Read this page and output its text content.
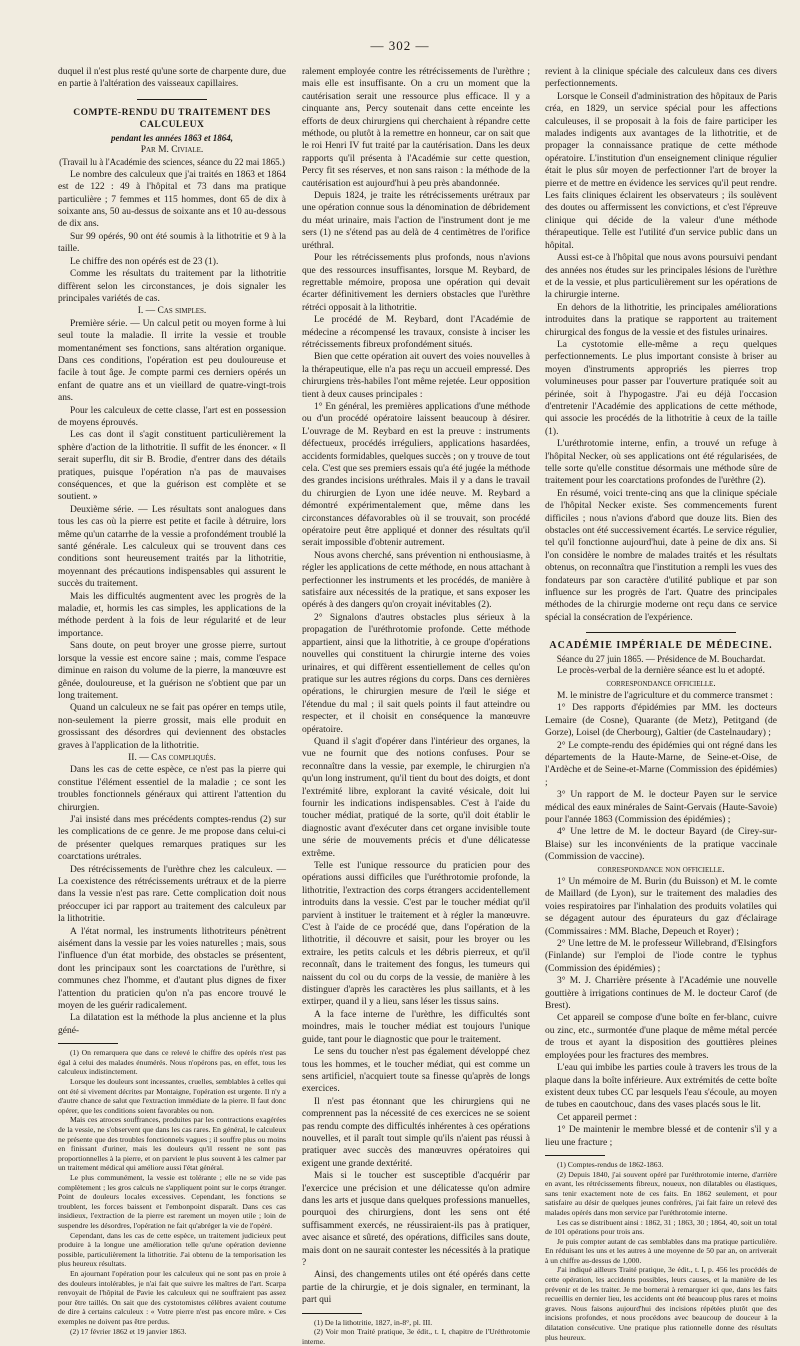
— 302 —

duquel il n'est plus resté qu'une sorte de charpente dure, due en partie à l'altération des vaisseaux capillaires.

COMPTE-RENDU DU TRAITEMENT DES CALCULEUX

pendant les années 1863 et 1864,

Par M. Civiale.

(Travail lu à l'Académie des sciences, séance du 22 mai 1865.)

Le nombre des calculeux que j'ai traités en 1863 et 1864 est de 122 : 49 à l'hôpital et 73 dans ma pratique particulière ; 7 femmes et 115 hommes, dont 65 de dix à soixante ans, 50 au-dessus de soixante ans et 10 au-dessous de dix ans.

Sur 99 opérés, 90 ont été soumis à la lithotritie et 9 à la taille.

Le chiffre des non opérés est de 23 (1).

Comme les résultats du traitement par la lithotritie diffèrent selon les circonstances, je dois signaler les principales variétés de cas.

I. — Cas simples.

Première série. — Un calcul petit ou moyen forme à lui seul toute la maladie. Il irrite la vessie et trouble momentanément ses fonctions, sans altération organique. Dans ces conditions, l'opération est peu douloureuse et facile à tout âge. Je compte parmi ces derniers opérés un enfant de quatre ans et un vieillard de quatre-vingt-trois ans.

Pour les calculeux de cette classe, l'art est en possession de moyens éprouvés.

Les cas dont il s'agit constituent particulièrement la sphère d'action de la lithotritie. Il suffit de les énoncer. « Il serait superflu, dit sir B. Brodie, d'entrer dans des détails pratiques, puisque l'opération n'a pas de mauvaises conséquences, et que la guérison est complète et se soutient. »

Deuxième série. — Les résultats sont analogues dans tous les cas où la pierre est petite et facile à détruire, lors même qu'un catarrhe de la vessie a profondément troublé la santé générale. Les calculeux qui se trouvent dans ces conditions sont heureusement traités par la lithotritie, moyennant des précautions indispensables qui assurent le succès du traitement.

Mais les difficultés augmentent avec les progrès de la maladie, et, hormis les cas simples, les applications de la méthode perdent à la fois de leur régularité et de leur importance.

Sans doute, on peut broyer une grosse pierre, surtout lorsque la vessie est encore saine ; mais, comme l'espace diminue en raison du volume de la pierre, la manœuvre est gênée, douloureuse, et la guérison ne s'obtient que par un long traitement.

Quand un calculeux ne se fait pas opérer en temps utile, non-seulement la pierre grossit, mais elle produit en grossissant des désordres qui deviennent des obstacles graves à l'application de la lithotritie.

II. — Cas compliqués.

Dans les cas de cette espèce, ce n'est pas la pierre qui constitue l'élément essentiel de la maladie ; ce sont les troubles fonctionnels généraux qui attirent l'attention du chirurgien.

J'ai insisté dans mes précédents comptes-rendus (2) sur les complications de ce genre. Je me propose dans celui-ci de présenter quelques remarques pratiques sur les coarctations urétrales.

Des rétrécissements de l'urèthre chez les calculeux. — La coexistence des rétrécissements urétraux et de la pierre dans la vessie n'est pas rare. Cette complication doit nous préoccuper ici par rapport au traitement des calculeux par la lithotritie.

A l'état normal, les instruments lithotriteurs pénètrent aisément dans la vessie par les voies naturelles ; mais, sous l'influence d'un état morbide, des obstacles se présentent, dont les principaux sont les coarctations de l'urèthre, si communes chez l'homme, et d'autant plus dignes de fixer l'attention du praticien qu'on n'a pas encore trouvé le moyen de les guérir radicalement.

La dilatation est la méthode la plus ancienne et la plus géné-

(1) On remarquera que dans ce relevé le chiffre des opérés n'est pas égal à celui des malades énumérés. Nous n'opérons pas, en effet, tous les calculeux indistinctement.

Lorsque les douleurs sont incessantes, cruelles, semblables à celles qui ont été si vivement décrites par Montaigne, l'opération est urgente. Il n'y a d'autre chance de salut que l'extraction immédiate de la pierre. Il faut donc opérer, que les conditions soient favorables ou non.

Mais ces atroces souffrances, produites par les contractions exagérées de la vessie, ne s'observent que dans les cas rares. En général, le calculeux ne présente que des troubles fonctionnels vagues ; il souffre plus ou moins en finissant d'uriner, mais les douleurs qu'il ressent ne sont pas proportionnelles à la pierre, et on parvient le plus souvent à les calmer par un traitement médical qui améliore aussi l'état général.

Le plus communément, la vessie est tolérante ; elle ne se vide pas complètement ; les gros calculs ne s'appliquent point sur le corps étranger. Point de douleurs locales excessives. Cependant, les fonctions se troublent, les forces baissent et l'embonpoint disparaît. Dans ces cas insidieux, l'extraction de la pierre est rarement un moyen utile ; loin de suspendre les désordres, l'opération ne fait qu'abréger la vie de l'opéré.

Cependant, dans les cas de cette espèce, un traitement judicieux peut produire à la longue une amélioration telle qu'une opération devienne possible, particulièrement la lithotritie. J'ai obtenu de la temporisation les plus heureux résultats.

En ajournant l'opération pour les calculeux qui ne sont pas en proie à des douleurs intolérables, je n'ai fait que suivre les maîtres de l'art. Scarpa renvoyait de l'hôpital de Pavie les calculeux qui ne souffraient pas assez pour être taillés. On sait que des cystotomistes célèbres avaient coutume de dire à certains calculeux : « Votre pierre n'est pas encore mûre. » Ces exemples ne doivent pas être perdus.

(2) 17 février 1862 et 19 janvier 1863.

ralement employée contre les rétrécissements de l'urèthre ; mais elle est insuffisante. On a cru un moment que la cautérisation serait une ressource plus efficace. Il y a cinquante ans, Percy soutenait dans cette enceinte les efforts de deux chirurgiens qui cherchaient à répandre cette méthode, ou plutôt à la remettre en honneur, car on sait que le roi Henri IV fut traité par la cautérisation. Dans les deux rapports qu'il présenta à l'Académie sur cette question, Percy fit ses réserves, et non sans raison : la méthode de la cautérisation est aujourd'hui à peu près abandonnée.

Depuis 1824, je traite les rétrécissements urétraux par une opération connue sous la dénomination de débridement du méat urinaire, mais l'action de l'instrument dont je me sers (1) ne s'étend pas au delà de 4 centimètres de l'orifice uréthral.

Pour les rétrécissements plus profonds, nous n'avions que des ressources insuffisantes, lorsque M. Reybard, de regrettable mémoire, proposa une opération qui devait écarter définitivement les derniers obstacles que l'urèthre rétréci opposait à la lithotritie.

Le procédé de M. Reybard, dont l'Académie de médecine a récompensé les travaux, consiste à inciser les rétrécissements fibreux profondément situés.

Bien que cette opération ait ouvert des voies nouvelles à la thérapeutique, elle n'a pas reçu un accueil empressé. Des chirurgiens très-habiles l'ont même rejetée. Leur opposition tient à deux causes principales :

1° En général, les premières applications d'une méthode ou d'un procédé opératoire laissent beaucoup à désirer. L'ouvrage de M. Reybard en est la preuve : instruments défectueux, procédés irréguliers, applications hasardées, accidents formidables, quelques succès ; on y trouve de tout cela. C'est que ses premiers essais qu'a été jugée la méthode des grandes incisions uréthrales. Mais il y a dans le travail du chirurgien de Lyon une idée neuve. M. Reybard a démontré expérimentalement que, même dans les circonstances défavorables où il se trouvait, son procédé opératoire peut être appliqué et donner des résultats qu'il serait impossible d'obtenir autrement.

Nous avons cherché, sans prévention ni enthousiasme, à régler les applications de cette méthode, en nous attachant à perfectionner les instruments et les procédés, de manière à satisfaire aux nécessités de la pratique, et sans exposer les opérés à des dangers qu'on croyait inévitables (2).

2° Signalons d'autres obstacles plus sérieux à la propagation de l'uréthrotomie profonde. Cette méthode appartient, ainsi que la lithotritie, à ce groupe d'opérations nouvelles qui constituent la chirurgie interne des voies urinaires, et qui diffèrent essentiellement de celles qu'on pratique sur les autres régions du corps. Dans ces dernières opérations, le chirurgien mesure de l'œil le siége et l'étendue du mal ; il sait quels points il faut atteindre ou respecter, et il choisit en conséquence la manœuvre opératoire.

Quand il s'agit d'opérer dans l'intérieur des organes, la vue ne fournit que des notions confuses. Pour se reconnaître dans la vessie, par exemple, le chirurgien n'a qu'un long instrument, qu'il tient du bout des doigts, et dont l'extrémité libre, explorant la cavité vésicale, doit lui fournir les indications indispensables. C'est à l'aide du toucher médiat, pratiqué de la sorte, qu'il doit établir le diagnostic avant d'exécuter dans cet organe invisible toute une série de mouvements précis et d'une délicatesse extrême.

Telle est l'unique ressource du praticien pour des opérations aussi difficiles que l'uréthrotomie profonde, la lithotritie, l'extraction des corps étrangers accidentellement introduits dans la vessie. C'est par le toucher médiat qu'il parvient à instituer le traitement et à régler la manœuvre. C'est à l'aide de ce procédé que, dans l'opération de la lithotritie, il découvre et saisit, pour les broyer ou les extraire, les petits calculs et les débris pierreux, et qu'il reconnaît, dans le traitement des fongus, les tumeurs qui naissent du col ou du corps de la vessie, de manière à les distinguer d'après les caractères les plus saillants, et à les extirper, quand il y a lieu, sans léser les tissus sains.

A la face interne de l'urèthre, les difficultés sont moindres, mais le toucher médiat est toujours l'unique guide, tant pour le diagnostic que pour le traitement.

Le sens du toucher n'est pas également développé chez tous les hommes, et le toucher médiat, qui est comme un sens artificiel, n'acquiert toute sa finesse qu'après de longs exercices.

Il n'est pas étonnant que les chirurgiens qui ne comprennent pas la nécessité de ces exercices ne se soient pas rendu compte des difficultés inhérentes à ces opérations nouvelles, et il paraît tout simple qu'ils n'aient pas réussi à pratiquer avec succès des manœuvres opératoires qui exigent une grande dextérité.

Mais si le toucher est susceptible d'acquérir par l'exercice une précision et une délicatesse qu'on admire dans les arts et jusque dans quelques professions manuelles, pourquoi des chirurgiens, dont les sens ont été suffisamment exercés, ne réussiraient-ils pas à pratiquer, avec aisance et sûreté, des opérations, difficiles sans doute, mais dont on ne saurait contester les nécessités à la pratique ?

Ainsi, des changements utiles ont été opérés dans cette partie de la chirurgie, et je dois signaler, en terminant, la part qui

(1) De la lithotritie, 1827, in-8°, pl. III.

(2) Voir mon Traité pratique, 3e édit., t. I, chapitre de l'Uréthrotomie interne.

revient à la clinique spéciale des calculeux dans ces divers perfectionnements.

Lorsque le Conseil d'administration des hôpitaux de Paris créa, en 1829, un service spécial pour les affections calculeuses, il se proposait à la fois de faire participer les malades indigents aux avantages de la lithotritie, et de propager la connaissance pratique de cette méthode opératoire. L'institution d'un enseignement clinique régulier était le plus sûr moyen de perfectionner l'art de broyer la pierre et de mettre en évidence les services qu'il peut rendre. Les faits cliniques éclairent les observateurs ; ils soulèvent des doutes ou affermissent les convictions, et c'est l'épreuve clinique qui décide de la valeur d'une méthode thérapeutique. Telle est l'utilité d'un service public dans un hôpital.

Aussi est-ce à l'hôpital que nous avons poursuivi pendant des années nos études sur les principales lésions de l'urèthre et de la vessie, et plus particulièrement sur les opérations de la chirurgie interne.

En dehors de la lithotritie, les principales améliorations introduites dans la pratique se rapportent au traitement chirurgical des fongus de la vessie et des fistules urinaires.

La cystotomie elle-même a reçu quelques perfectionnements. Le plus important consiste à briser au moyen d'instruments appropriés les pierres trop volumineuses pour passer par l'ouverture pratiquée soit au périnée, soit à l'hypogastre. J'ai eu déjà l'occasion d'entretenir l'Académie des applications de cette méthode, qui associe les procédés de la lithotritie à ceux de la taille (1).

L'uréthrotomie interne, enfin, a trouvé un refuge à l'hôpital Necker, où ses applications ont été régularisées, de telle sorte qu'elle constitue désormais une méthode sûre de traitement pour les coarctations profondes de l'urèthre (2).

En résumé, voici trente-cinq ans que la clinique spéciale de l'hôpital Necker existe. Ses commencements furent difficiles ; nous n'avions d'abord que douze lits. Bien des obstacles ont été successivement écartés. Le service régulier, tel qu'il fonctionne aujourd'hui, date à peine de dix ans. Si l'on considère le nombre de malades traités et les résultats obtenus, on reconnaîtra que l'institution a rempli les vues des fondateurs par son caractère d'utilité publique et par son influence sur les progrès de l'art. Quatre des principales méthodes de la chirurgie moderne ont reçu dans ce service spécial la consécration de l'expérience.

ACADÉMIE IMPÉRIALE DE MÉDECINE.

Séance du 27 juin 1865. — Présidence de M. Bouchardat.

Le procès-verbal de la dernière séance est lu et adopté.

correspondance officielle.

M. le ministre de l'agriculture et du commerce transmet :

1° Des rapports d'épidémies par MM. les docteurs Lemaire (de Cosne), Quarante (de Metz), Petitgand (de Gorze), Loisel (de Cherbourg), Galtier (de Castelnaudary) ;

2° Le compte-rendu des épidémies qui ont régné dans les départements de la Haute-Marne, de Seine-et-Oise, de l'Ardèche et de Seine-et-Marne (Commission des épidémies) ;

3° Un rapport de M. le docteur Payen sur le service médical des eaux minérales de Saint-Gervais (Haute-Savoie) pour l'année 1863 (Commission des épidémies) ;

4° Une lettre de M. le docteur Bayard (de Cirey-sur-Blaise) sur les inconvénients de la pratique vaccinale (Commission de vaccine).

correspondance non officielle.

1° Un mémoire de M. Burin (du Buisson) et M. le comte de Maillard (de Lyon), sur le traitement des maladies des voies respiratoires par l'inhalation des produits volatiles qui se dégagent autour des épurateurs du gaz d'éclairage (Commissaires : MM. Blache, Depeuch et Royer) ;

2° Une lettre de M. le professeur Willebrand, d'Elsingfors (Finlande) sur l'emploi de l'iode contre le typhus (Commission des épidémies) ;

3° M. J. Charrière présente à l'Académie une nouvelle gouttière à irrigations continues de M. le docteur Carof (de Brest).

Cet appareil se compose d'une boîte en fer-blanc, cuivre ou zinc, etc., surmontée d'une plaque de même métal percée de trous et ayant la disposition des gouttières pleines employées pour les fractures des membres.

L'eau qui imbibe les parties coule à travers les trous de la plaque dans la boîte inférieure. Aux extrémités de cette boîte existent deux tubes CC par lesquels l'eau s'écoule, au moyen de tubes en caoutchouc, dans des vases placés sous le lit.

Cet appareil permet :

1° De maintenir le membre blessé et de contenir s'il y a lieu une fracture ;

(1) Comptes-rendus de 1862-1863.

(2) Depuis 1840, j'ai souvent opéré par l'uréthrotomie interne, d'arrière en avant, les rétrécissements fibreux, noueux, non dilatables ou élastiques, sans tenir exactement note de ces faits. En 1862 seulement, et pour satisfaire au désir de quelques jeunes confrères, j'ai fait faire un relevé des malades opérés dans mon service par l'uréthrotomie interne.

Les cas se distribuent ainsi : 1862, 31 ; 1863, 30 ; 1864, 40, soit un total de 101 opérations pour trois ans.

Je puis compter autant de cas semblables dans ma pratique particulière. En réduisant les uns et les autres à une moyenne de 50 par an, on arriverait à un chiffre au-dessus de 1,000.

J'ai indiqué ailleurs Traité pratique, 3e édit., t. I, p. 456 les procédés de cette opération, les accidents possibles, leurs causes, et la manière de les prévenir et de les traiter. Je me bornerai à remarquer ici que, dans les faits recueillis en dernier lieu, les accidents ont été beaucoup plus rares et moins graves. Nous faisons aujourd'hui des incisions répétées plutôt que des incisions profondes, et nous procédons avec beaucoup de douceur à la dilatation consécutive. Une pratique plus rationnelle donne des résultats plus heureux.
